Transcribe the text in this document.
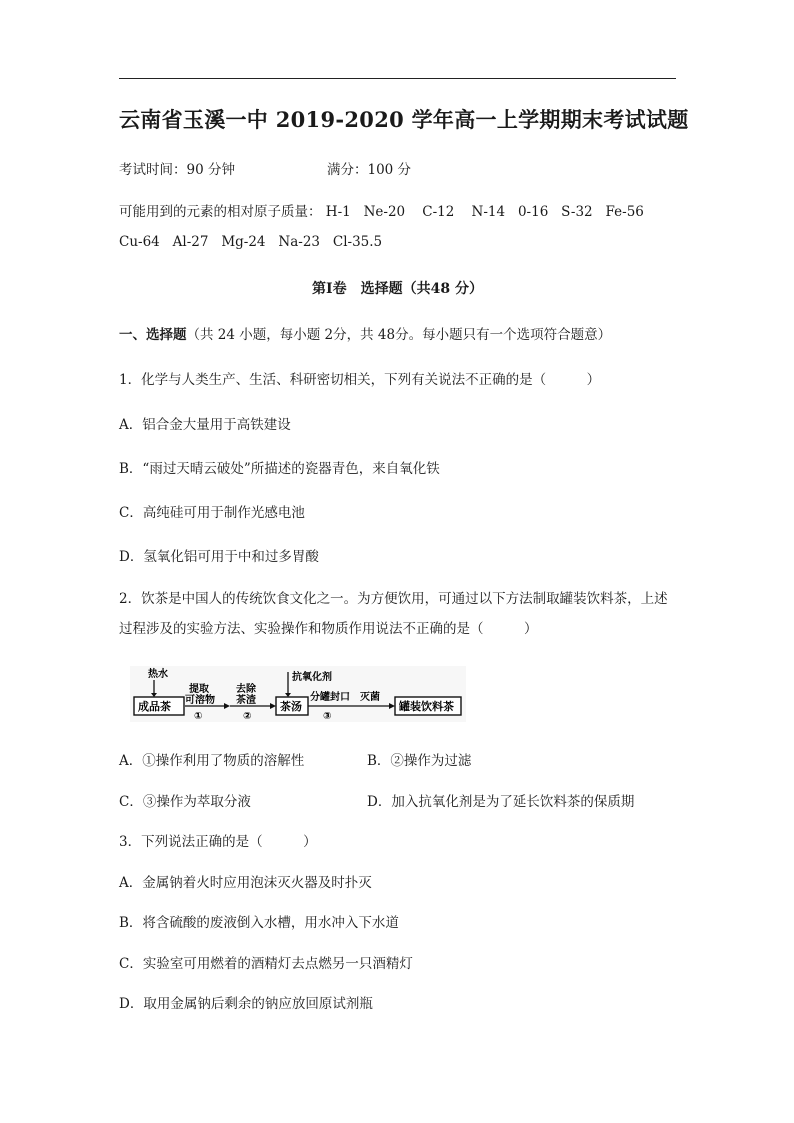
云南省玉溪一中 2019-2020 学年高一上学期期末考试试题
考试时间：90 分钟	满分：100 分
可能用到的元素的相对原子质量： H-1   Ne-20    C-12    N-14   0-16   S-32   Fe-56
Cu-64   Al-27   Mg-24   Na-23   Cl-35.5
第Ⅰ卷　选择题（共48 分）
一、选择题（共 24 小题，每小题 2分，共 48分。每小题只有一个选项符合题意）
1．化学与人类生产、生活、科研密切相关，下列有关说法不正确的是（　　　）
A．铝合金大量用于高铁建设
B．“雨过天晴云破处”所描述的瓷器青色，来自氧化铁
C．高纯硅可用于制作光感电池
D．氢氧化铝可用于中和过多胃酸
2．饮茶是中国人的传统饮食文化之一。为方便饮用，可通过以下方法制取罐装饮料茶，上述过程涉及的实验方法、实验操作和物质作用说法不正确的是（　　　）
热水
成品茶
提取
可溶物
①
去除
茶渣
②
抗氧化剂
茶汤
分罐封口 灭菌
③
罐装饮料茶
A．①操作利用了物质的溶解性	B．②操作为过滤
C．③操作为萃取分液	D．加入抗氧化剂是为了延长饮料茶的保质期
3．下列说法正确的是（　　　）
A．金属钠着火时应用泡沫灭火器及时扑灭
B．将含硫酸的废液倒入水槽，用水冲入下水道
C．实验室可用燃着的酒精灯去点燃另一只酒精灯
D．取用金属钠后剩余的钠应放回原试剂瓶
